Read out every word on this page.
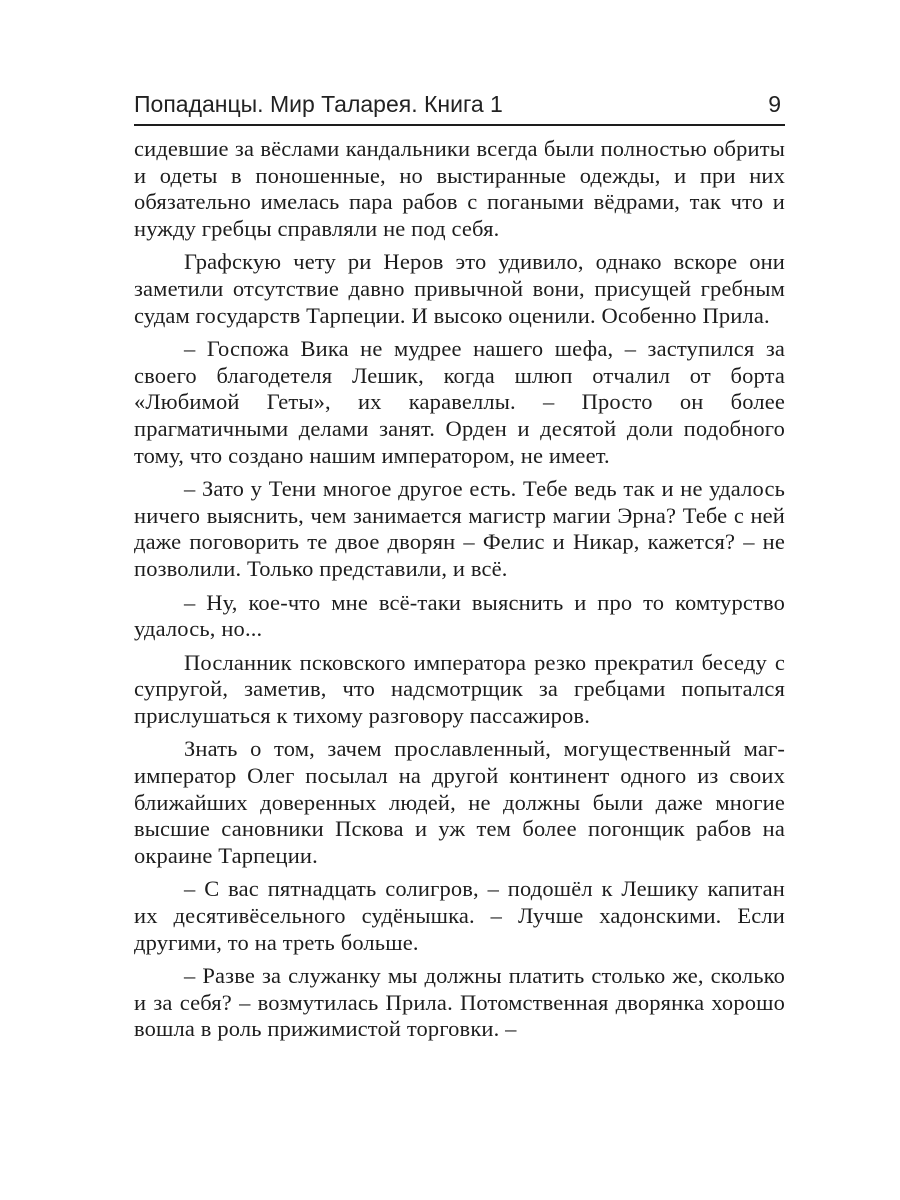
Попаданцы. Мир Таларея. Книга 1	9

сидевшие за вёслами кандальники всегда были полностью обриты и одеты в поношенные, но выстиранные одежды, и при них обязательно имелась пара рабов с погаными вёдрами, так что и нужду гребцы справляли не под себя.

Графскую чету ри Неров это удивило, однако вскоре они заметили отсутствие давно привычной вони, присущей гребным судам государств Тарпеции. И высоко оценили. Особенно Прила.

– Госпожа Вика не мудрее нашего шефа, – заступился за своего благодетеля Лешик, когда шлюп отчалил от борта «Любимой Геты», их каравеллы. – Просто он более прагматичными делами занят. Орден и десятой доли подобного тому, что создано нашим императором, не имеет.

– Зато у Тени многое другое есть. Тебе ведь так и не удалось ничего выяснить, чем занимается магистр магии Эрна? Тебе с ней даже поговорить те двое дворян – Фелис и Никар, кажется? – не позволили. Только представили, и всё.

– Ну, кое-что мне всё-таки выяснить и про то комтурство удалось, но...

Посланник псковского императора резко прекратил беседу с супругой, заметив, что надсмотрщик за гребцами попытался прислушаться к тихому разговору пассажиров.

Знать о том, зачем прославленный, могущественный маг-император Олег посылал на другой континент одного из своих ближайших доверенных людей, не должны были даже многие высшие сановники Пскова и уж тем более погонщик рабов на окраине Тарпеции.

– С вас пятнадцать солигров, – подошёл к Лешику капитан их десятивёсельного судёнышка. – Лучше хадонскими. Если другими, то на треть больше.

– Разве за служанку мы должны платить столько же, сколько и за себя? – возмутилась Прила. Потомственная дворянка хорошо вошла в роль прижимистой торговки. –
